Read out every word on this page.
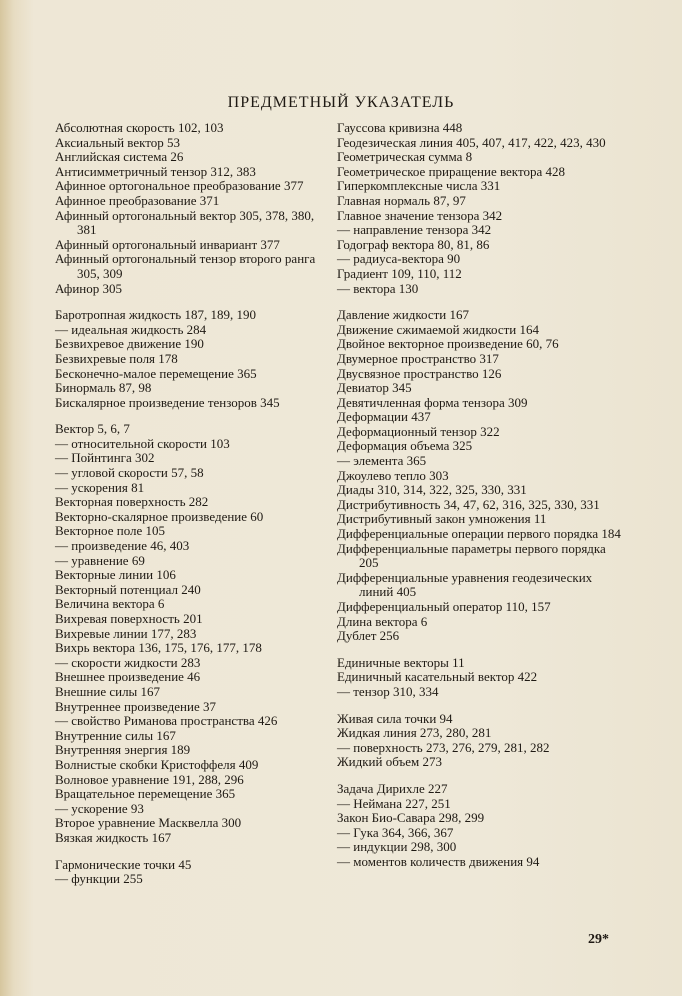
ПРЕДМЕТНЫЙ УКАЗАТЕЛЬ
Абсолютная скорость 102, 103
Аксиальный вектор 53
Английская система 26
Антисимметричный тензор 312, 383
Афинное ортогональное преобразование 377
Афинное преобразование 371
Афинный ортогональный вектор 305, 378, 380, 381
Афинный ортогональный инвариант 377
Афинный ортогональный тензор второго ранга 305, 309
Афинор 305
Баротропная жидкость 187, 189, 190
— идеальная жидкость 284
Безвихревое движение 190
Безвихревые поля 178
Бесконечно-малое перемещение 365
Бинормаль 87, 98
Бискалярное произведение тензоров 345
Вектор 5, 6, 7
— относительной скорости 103
— Пойнтинга 302
— угловой скорости 57, 58
— ускорения 81
Векторная поверхность 282
Векторно-скалярное произведение 60
Векторное поле 105
— произведение 46, 403
— уравнение 69
Векторные линии 106
Векторный потенциал 240
Величина вектора 6
Вихревая поверхность 201
Вихревые линии 177, 283
Вихрь вектора 136, 175, 176, 177, 178
— скорости жидкости 283
Внешнее произведение 46
Внешние силы 167
Внутреннее произведение 37
— свойство Риманова пространства 426
Внутренние силы 167
Внутренняя энергия 189
Волнистые скобки Кристоффеля 409
Волновое уравнение 191, 288, 296
Вращательное перемещение 365
— ускорение 93
Второе уравнение Масквелла 300
Вязкая жидкость 167
Гармонические точки 45
— функции 255
Гауссова кривизна 448
Геодезическая линия 405, 407, 417, 422, 423, 430
Геометрическая сумма 8
Геометрическое приращение вектора 428
Гиперкомплексные числа 331
Главная нормаль 87, 97
Главное значение тензора 342
— направление тензора 342
Годограф вектора 80, 81, 86
— радиуса-вектора 90
Градиент 109, 110, 112
— вектора 130
Давление жидкости 167
Движение сжимаемой жидкости 164
Двойное векторное произведение 60, 76
Двумерное пространство 317
Двусвязное пространство 126
Девиатор 345
Девятичленная форма тензора 309
Деформации 437
Деформационный тензор 322
Деформация объема 325
— элемента 365
Джоулево тепло 303
Диады 310, 314, 322, 325, 330, 331
Дистрибутивность 34, 47, 62, 316, 325, 330, 331
Дистрибутивный закон умножения 11
Дифференциальные операции первого порядка 184
Дифференциальные параметры первого порядка 205
Дифференциальные уравнения геодезических линий 405
Дифференциальный оператор 110, 157
Длина вектора 6
Дублет 256
Единичные векторы 11
Единичный касательный вектор 422
— тензор 310, 334
Живая сила точки 94
Жидкая линия 273, 280, 281
— поверхность 273, 276, 279, 281, 282
Жидкий объем 273
Задача Дирихле 227
— Неймана 227, 251
Закон Био-Савара 298, 299
— Гука 364, 366, 367
— индукции 298, 300
— моментов количеств движения 94
29*
